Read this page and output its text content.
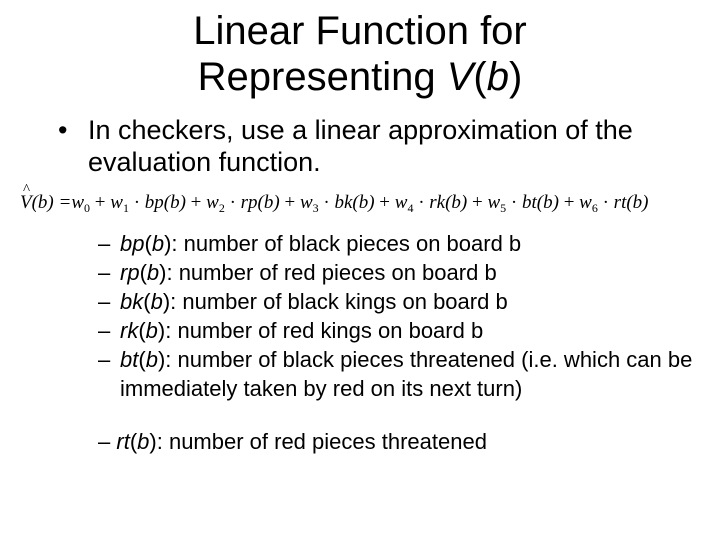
Linear Function for
Representing V(b)
• In checkers, use a linear approximation of the evaluation function.
^ $V(b) =w_0 + w_1 \cdot bp(b) + w_2 \cdot rp(b) + w_3 \cdot bk(b) + w_4 \cdot rk(b) + w_5 \cdot bt(b) + w_6 \cdot rt(b)$
– bp(b): number of black pieces on board b
– rp(b): number of red pieces on board b
– bk(b): number of black kings on board b
– rk(b): number of red kings on board b
– bt(b): number of black pieces threatened (i.e. which can be immediately taken by red on its next turn)
– rt(b): number of red pieces threatened
